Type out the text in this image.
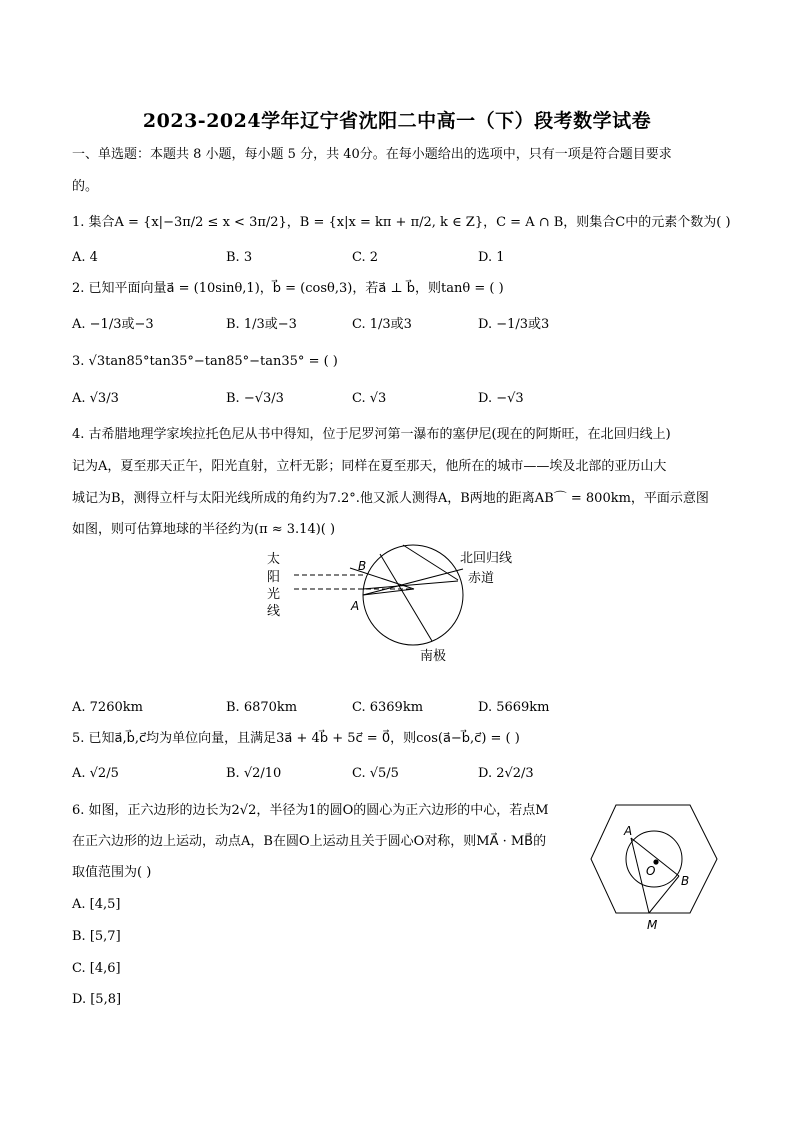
2023-2024学年辽宁省沈阳二中高一（下）段考数学试卷
一、单选题：本题共 8 小题，每小题 5 分，共 40分。在每小题给出的选项中，只有一项是符合题目要求
的。
1. 集合A = {x|−3π/2 ≤ x < 3π/2}，B = {x|x = kπ + π/2, k ∈ Z}，C = A ∩ B，则集合C中的元素个数为( )
A. 4	B. 3	C. 2	D. 1
2. 已知平面向量a⃗ = (10sinθ,1)，b⃗ = (cosθ,3)，若a⃗ ⊥ b⃗，则tanθ = ( )
A. −1/3或−3	B. 1/3或−3	C. 1/3或3	D. −1/3或3
3. √3tan85°tan35°−tan85°−tan35° = ( )
A. √3/3	B. −√3/3	C. √3	D. −√3
4. 古希腊地理学家埃拉托色尼从书中得知，位于尼罗河第一瀑布的塞伊尼(现在的阿斯旺，在北回归线上)
记为A，夏至那天正午，阳光直射，立杆无影；同样在夏至那天，他所在的城市——埃及北部的亚历山大
城记为B，测得立杆与太阳光线所成的角约为7.2°.他又派人测得A，B两地的距离AB⌒ = 800km，平面示意图
如图，则可估算地球的半径约为(π ≈ 3.14)( )
太
阳
光
线
B
A
北回归线
赤道
南极
A. 7260km	B. 6870km	C. 6369km	D. 5669km
5. 已知a⃗,b⃗,c⃗均为单位向量，且满足3a⃗ + 4b⃗ + 5c⃗ = 0⃗，则cos(a⃗−b⃗,c⃗) = ( )
A. √2/5	B. √2/10	C. √5/5	D. 2√2/3
6. 如图，正六边形的边长为2√2，半径为1的圆O的圆心为正六边形的中心，若点M
在正六边形的边上运动，动点A，B在圆O上运动且关于圆心O对称，则MA⃗ · MB⃗的
取值范围为( )
A. [4,5]
B. [5,7]
C. [4,6]
D. [5,8]
A
O
B
M
